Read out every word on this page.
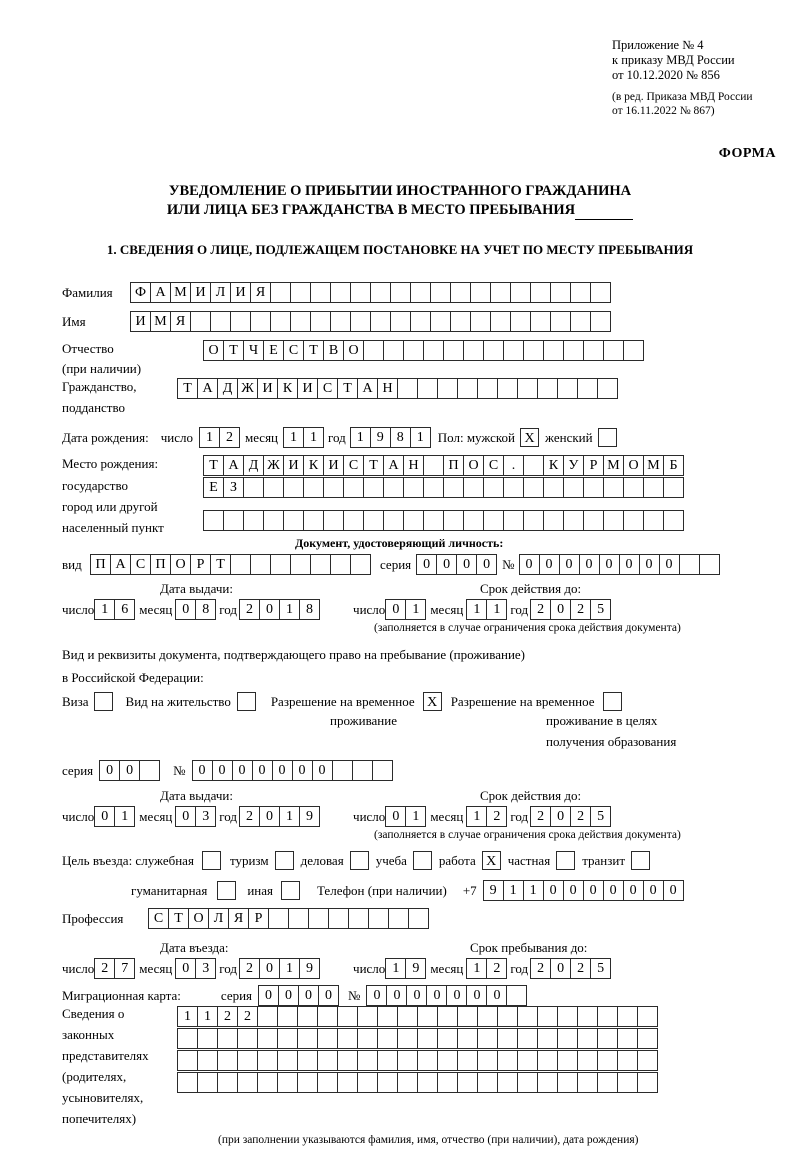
Приложение № 4
к приказу МВД России
от 10.12.2020 № 856
(в ред. Приказа МВД России
от 16.11.2022 № 867)
ФОРМА
УВЕДОМЛЕНИЕ О ПРИБЫТИИ ИНОСТРАННОГО ГРАЖДАНИНА
ИЛИ ЛИЦА БЕЗ ГРАЖДАНСТВА В МЕСТО ПРЕБЫВАНИЯ
1. СВЕДЕНИЯ О ЛИЦЕ, ПОДЛЕЖАЩЕМ ПОСТАНОВКЕ НА УЧЕТ ПО МЕСТУ ПРЕБЫВАНИЯ
Фамилия	Ф А М И Л И Я
Имя	И М Я
Отчество
(при наличии)
О Т Ч Е С Т В О
Гражданство,
подданство
Т А Д Ж И К И С Т А Н
Дата рождения: число 1 2 месяц 1 1 год 1 9 8 1	Пол: мужской X женский
Место рождения:
государство
город или другой
населенный пункт
Т А Д Ж И К И С Т А Н	П О С .	К У Р М О М Б
Е З
Документ, удостоверяющий личность:
вид П А С П О Р Т	серия 0 0 0 0 № 0 0 0 0 0 0 0 0
Дата выдачи:	Срок действия до:
число 1 6 месяц 0 8 год 2 0 1 8	число 0 1 месяц 1 1 год 2 0 2 5
(заполняется в случае ограничения срока действия документа)
Вид и реквизиты документа, подтверждающего право на пребывание (проживание)
в Российской Федерации:
Виза	Вид на жительство	Разрешение на временное X	Разрешение на временное
проживание	проживание в целях
получения образования
серия 0 0	№ 0 0 0 0 0 0 0
Дата выдачи:	Срок действия до:
число 0 1 месяц 0 3 год 2 0 1 9	число 0 1 месяц 1 2 год 2 0 2 5
(заполняется в случае ограничения срока действия документа)
Цель въезда: служебная	туризм деловая учеба работа X частная транзит
гуманитарная	иная	Телефон (при наличии) +7 9 1 1 0 0 0 0 0 0 0
Профессия	С Т О Л Я Р
Дата въезда:	Срок пребывания до:
число 2 7 месяц 0 3 год 2 0 1 9	число 1 9 месяц 1 2 год 2 0 2 5
Миграционная карта:	серия 0 0 0 0	№ 0 0 0 0 0 0 0
Сведения о
законных
представителях
(родителях,
усыновителях,
попечителях)
1 1 2 2
(при заполнении указываются фамилия, имя, отчество (при наличии), дата рождения)
